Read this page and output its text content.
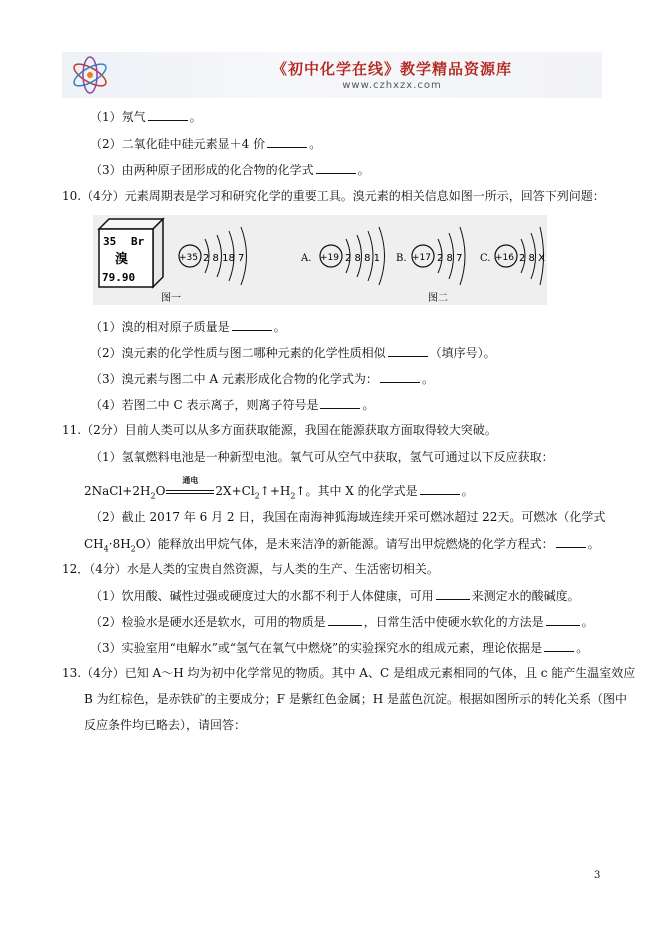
《初中化学在线》教学精品资源库
www.czhxzx.com
（1）氖气	。
（2）二氧化硅中硅元素显＋4 价	。
（3）由两种原子团形成的化合物的化学式	。
10.（4分）元素周期表是学习和研究化学的重要工具。溴元素的相关信息如图一所示，回答下列问题：
35 Br
溴
79.90
+35 2 8 18 7	A. +19 2 8 8 1 B. +17 2 8 7 C. +16 2 8 X
图一	图二
（1）溴的相对原子质量是	。
（2）溴元素的化学性质与图二哪种元素的化学性质相似	（填序号）。
（3）溴元素与图二中 A 元素形成化合物的化学式为：	。
（4）若图二中 C 表示离子，则离子符号是	。
11.（2分）目前人类可以从多方面获取能源，我国在能源获取方面取得较大突破。
（1）氢氧燃料电池是一种新型电池。氧气可从空气中获取，氢气可通过以下反应获取：
$2NaCl+2H_2O$
通电
$2X+Cl_2↑+H_2↑$。其中 X 的化学式是	。
（2）截止 2017 年 6 月 2 日，我国在南海神狐海域连续开采可燃冰超过 22天。可燃冰（化学式
$CH_4\cdot 8H_2O$）能释放出甲烷气体，是未来洁净的新能源。请写出甲烷燃烧的化学方程式：	。
12．（4分）水是人类的宝贵自然资源，与人类的生产、生活密切相关。
（1）饮用酸、碱性过强或硬度过大的水都不利于人体健康，可用	来测定水的酸碱度。
（2）检验水是硬水还是软水，可用的物质是	，日常生活中使硬水软化的方法是	。
（3）实验室用“电解水”或“氢气在氧气中燃烧”的实验探究水的组成元素，理论依据是	。
13.（4分）已知 A～H 均为初中化学常见的物质。其中 A、C 是组成元素相同的气体，且 c 能产生温室效应
B 为红棕色，是赤铁矿的主要成分；F 是紫红色金属；H 是蓝色沉淀。根据如图所示的转化关系（图中
反应条件均已略去），请回答：
3
